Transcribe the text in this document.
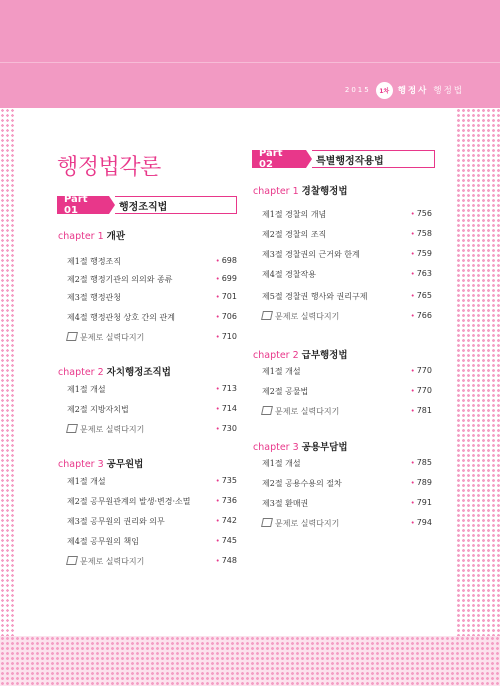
2015	1차	행정사 행정법
행정법각론
Part 01	행정조직법
chapter 1 개관
제1절 행정조직	• 698
제2절 행정기관의 의의와 종류	• 699
제3절 행정관청	• 701
제4절 행정관청 상호 간의 관계	• 706
문제로 실력다지기	• 710
chapter 2 자치행정조직법
제1절 개설	• 713
제2절 지방자치법	• 714
문제로 실력다지기	• 730
chapter 3 공무원법
제1절 개설	• 735
제2절 공무원관계의 발생·변경·소멸	• 736
제3절 공무원의 권리와 의무	• 742
제4절 공무원의 책임	• 745
문제로 실력다지기	• 748
Part 02	특별행정작용법
chapter 1 경찰행정법
제1절 경찰의 개념	• 756
제2절 경찰의 조직	• 758
제3절 경찰권의 근거와 한계	• 759
제4절 경찰작용	• 763
제5절 경찰권 행사와 권리구제	• 765
문제로 실력다지기	• 766
chapter 2 급부행정법
제1절 개설	• 770
제2절 공물법	• 770
문제로 실력다지기	• 781
chapter 3 공용부담법
제1절 개설	• 785
제2절 공용수용의 절차	• 789
제3절 환매권	• 791
문제로 실력다지기	• 794
